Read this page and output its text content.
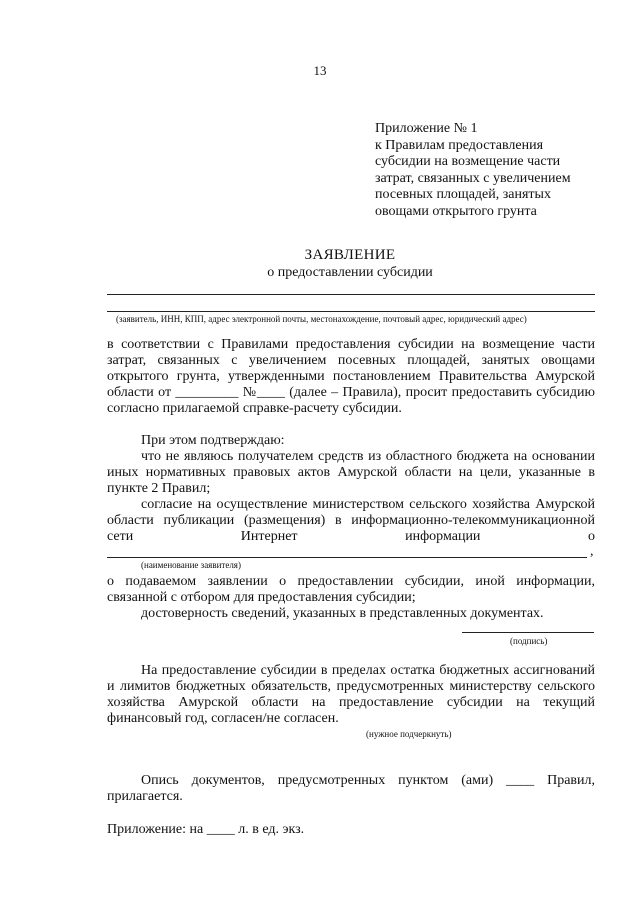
13
Приложение № 1
к Правилам предоставления
субсидии на возмещение части
затрат, связанных с увеличением
посевных площадей, занятых
овощами открытого грунта
ЗАЯВЛЕНИЕ
о предоставлении субсидии
(заявитель, ИНН, КПП, адрес электронной почты, местонахождение, почтовый адрес, юридический адрес)
в соответствии с Правилами предоставления субсидии на возмещение части
затрат, связанных с увеличением посевных площадей, занятых овощами
открытого грунта, утвержденными постановлением Правительства Амурской
области от _________ №____ (далее – Правила), просит предоставить субсидию
согласно прилагаемой справке-расчету субсидии.
При этом подтверждаю:
что не являюсь получателем средств из областного бюджета на основании
иных нормативных правовых актов Амурской области на цели, указанные в
пункте 2 Правил;
согласие на осуществление министерством сельского хозяйства Амурской
области публикации (размещения) в информационно-телекоммуникационной
сети Интернет информации о
,
(наименование заявителя)
о подаваемом заявлении о предоставлении субсидии, иной информации,
связанной с отбором для предоставления субсидии;
достоверность сведений, указанных в представленных документах.
(подпись)
На предоставление субсидии в пределах остатка бюджетных ассигнований
и лимитов бюджетных обязательств, предусмотренных министерству сельского
хозяйства Амурской области на предоставление субсидии на текущий
финансовый год, согласен/не согласен.
(нужное подчеркнуть)
Опись документов, предусмотренных пунктом (ами) ____ Правил,
прилагается.
Приложение: на ____ л. в ед. экз.
